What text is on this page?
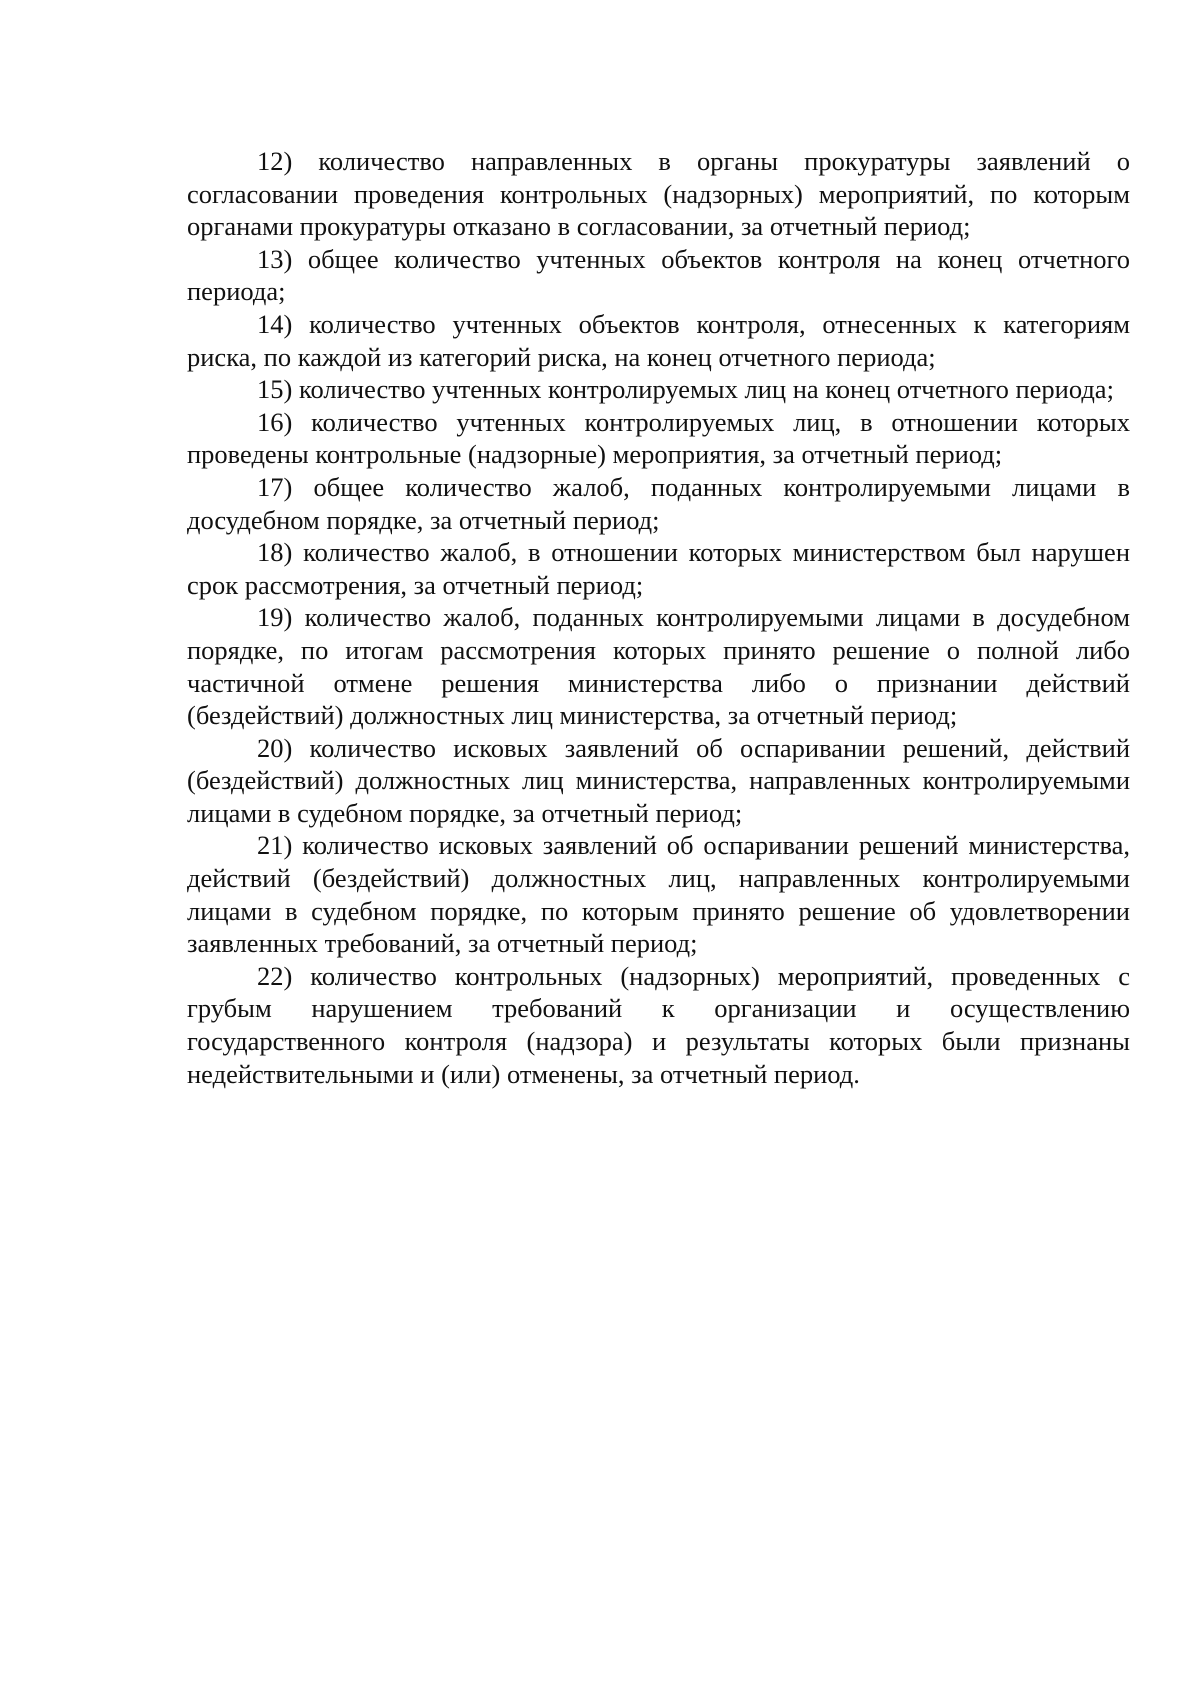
12) количество направленных в органы прокуратуры заявлений о согласовании проведения контрольных (надзорных) мероприятий, по которым органами прокуратуры отказано в согласовании, за отчетный период;

13) общее количество учтенных объектов контроля на конец отчетного периода;

14) количество учтенных объектов контроля, отнесенных к категориям риска, по каждой из категорий риска, на конец отчетного периода;

15) количество учтенных контролируемых лиц на конец отчетного периода;

16) количество учтенных контролируемых лиц, в отношении которых проведены контрольные (надзорные) мероприятия, за отчетный период;

17) общее количество жалоб, поданных контролируемыми лицами в досудебном порядке, за отчетный период;

18) количество жалоб, в отношении которых министерством был нарушен срок рассмотрения, за отчетный период;

19) количество жалоб, поданных контролируемыми лицами в досудебном порядке, по итогам рассмотрения которых принято решение о полной либо частичной отмене решения министерства либо о признании действий (бездействий) должностных лиц министерства, за отчетный период;

20) количество исковых заявлений об оспаривании решений, действий (бездействий) должностных лиц министерства, направленных контролируемыми лицами в судебном порядке, за отчетный период;

21) количество исковых заявлений об оспаривании решений министерства, действий (бездействий) должностных лиц, направленных контролируемыми лицами в судебном порядке, по которым принято решение об удовлетворении заявленных требований, за отчетный период;

22) количество контрольных (надзорных) мероприятий, проведенных с грубым нарушением требований к организации и осуществлению государственного контроля (надзора) и результаты которых были признаны недействительными и (или) отменены, за отчетный период.
